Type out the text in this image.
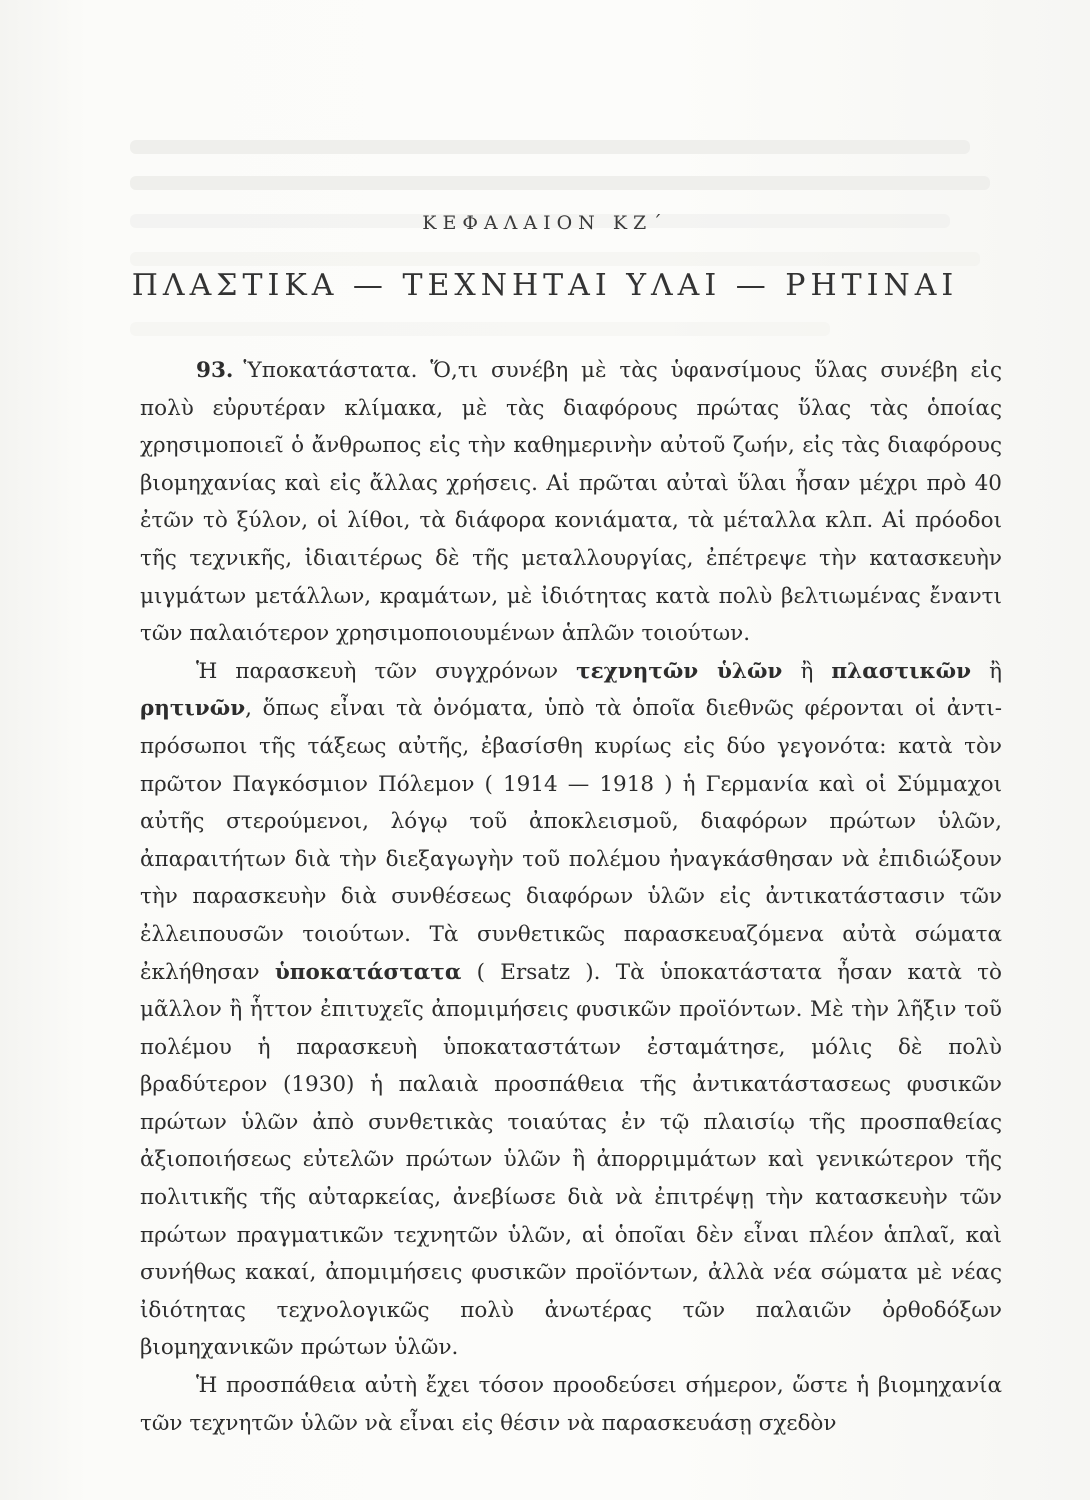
ΚΕΦΑΛΑΙΟΝ ΚΖ΄
ΠΛΑΣΤΙΚΑ — ΤΕΧΝΗΤΑΙ ΥΛΑΙ — ΡΗΤΙΝΑΙ

93. Ὑποκατάστατα. Ὅ,τι συνέβη μὲ τὰς ὑφανσίμους ὕλας συνέβη εἰς πολὺ εὐρυτέραν κλίμακα, μὲ τὰς διαφόρους πρώτας ὕλας τὰς ὁποίας χρησιμοποιεῖ ὁ ἄνθρωπος εἰς τὴν καθημερινὴν αὐτοῦ ζωήν, εἰς τὰς διαφόρους βιομηχανίας καὶ εἰς ἄλλας χρήσεις. Αἱ πρῶται αὐταὶ ὕλαι ἦσαν μέχρι πρὸ 40 ἐτῶν τὸ ξύλον, οἱ λίθοι, τὰ διάφορα κονιάματα, τὰ μέταλλα κλπ. Αἱ πρόοδοι τῆς τεχνικῆς, ἰδιαιτέρως δὲ τῆς μεταλλουργίας, ἐπέτρεψε τὴν κατασκευὴν μιγμάτων μετάλλων, κραμάτων, μὲ ἰδιότητας κατὰ πολὺ βελτιωμένας ἔναντι τῶν παλαιότερον χρησιμοποιουμένων ἁπλῶν τοιούτων.

Ἡ παρασκευὴ τῶν συγχρόνων τεχνητῶν ὑλῶν ἢ πλαστικῶν ἢ ρητινῶν, ὅπως εἶναι τὰ ὀνόματα, ὑπὸ τὰ ὁποῖα διεθνῶς φέρονται οἱ ἀντιπρόσωποι τῆς τάξεως αὐτῆς, ἐβασίσθη κυρίως εἰς δύο γεγονότα: κατὰ τὸν πρῶτον Παγκόσμιον Πόλεμον ( 1914 — 1918 ) ἡ Γερμανία καὶ οἱ Σύμμαχοι αὐτῆς στερούμενοι, λόγῳ τοῦ ἀποκλεισμοῦ, διαφόρων πρώτων ὑλῶν, ἀπαραιτήτων διὰ τὴν διεξαγωγὴν τοῦ πολέμου ἠναγκάσθησαν νὰ ἐπιδιώξουν τὴν παρασκευὴν διὰ συνθέσεως διαφόρων ὑλῶν εἰς ἀντικατάστασιν τῶν ἐλλειπουσῶν τοιούτων. Τὰ συνθετικῶς παρασκευαζόμενα αὐτὰ σώματα ἐκλήθησαν ὑποκατάστατα ( Ersatz ). Τὰ ὑποκατάστατα ἦσαν κατὰ τὸ μᾶλλον ἢ ἧττον ἐπιτυχεῖς ἀπομιμήσεις φυσικῶν προϊόντων. Μὲ τὴν λῆξιν τοῦ πολέμου ἡ παρασκευὴ ὑποκαταστάτων ἐσταμάτησε, μόλις δὲ πολὺ βραδύτερον (1930) ἡ παλαιὰ προσπάθεια τῆς ἀντικατάστασεως φυσικῶν πρώτων ὑλῶν ἀπὸ συνθετικὰς τοιαύτας ἐν τῷ πλαισίῳ τῆς προσπαθείας ἀξιοποιήσεως εὐτελῶν πρώτων ὑλῶν ἢ ἀπορριμμάτων καὶ γενικώτερον τῆς πολιτικῆς τῆς αὐταρκείας, ἀνεβίωσε διὰ νὰ ἐπιτρέψῃ τὴν κατασκευὴν τῶν πρώτων πραγματικῶν τεχνητῶν ὑλῶν, αἱ ὁποῖαι δὲν εἶναι πλέον ἁπλαῖ, καὶ συνήθως κακαί, ἀπομιμήσεις φυσικῶν προϊόντων, ἀλλὰ νέα σώματα μὲ νέας ἰδιότητας τεχνολογικῶς πολὺ ἀνωτέρας τῶν παλαιῶν ὀρθοδόξων βιομηχανικῶν πρώτων ὑλῶν.

Ἡ προσπάθεια αὐτὴ ἔχει τόσον προοδεύσει σήμερον, ὥστε ἡ βιομηχανία τῶν τεχνητῶν ὑλῶν νὰ εἶναι εἰς θέσιν νὰ παρασκευάσῃ σχεδὸν
